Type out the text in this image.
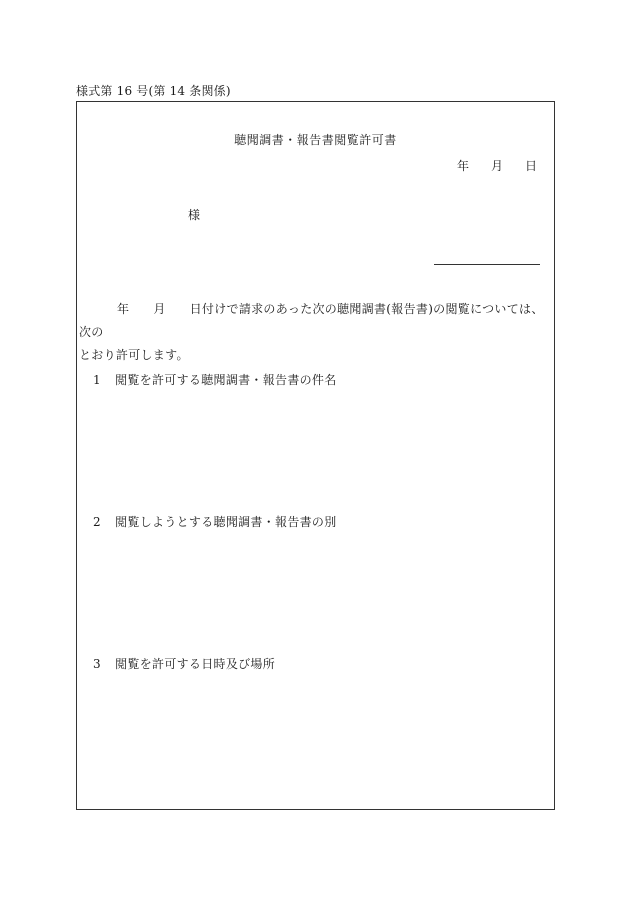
様式第 16 号(第 14 条関係)
聴聞調書・報告書閲覧許可書
年 月 日
様
年 月 日付けで請求のあった次の聴聞調書(報告書)の閲覧については、次の
とおり許可します。
1 閲覧を許可する聴聞調書・報告書の件名
2 閲覧しようとする聴聞調書・報告書の別
3 閲覧を許可する日時及び場所
